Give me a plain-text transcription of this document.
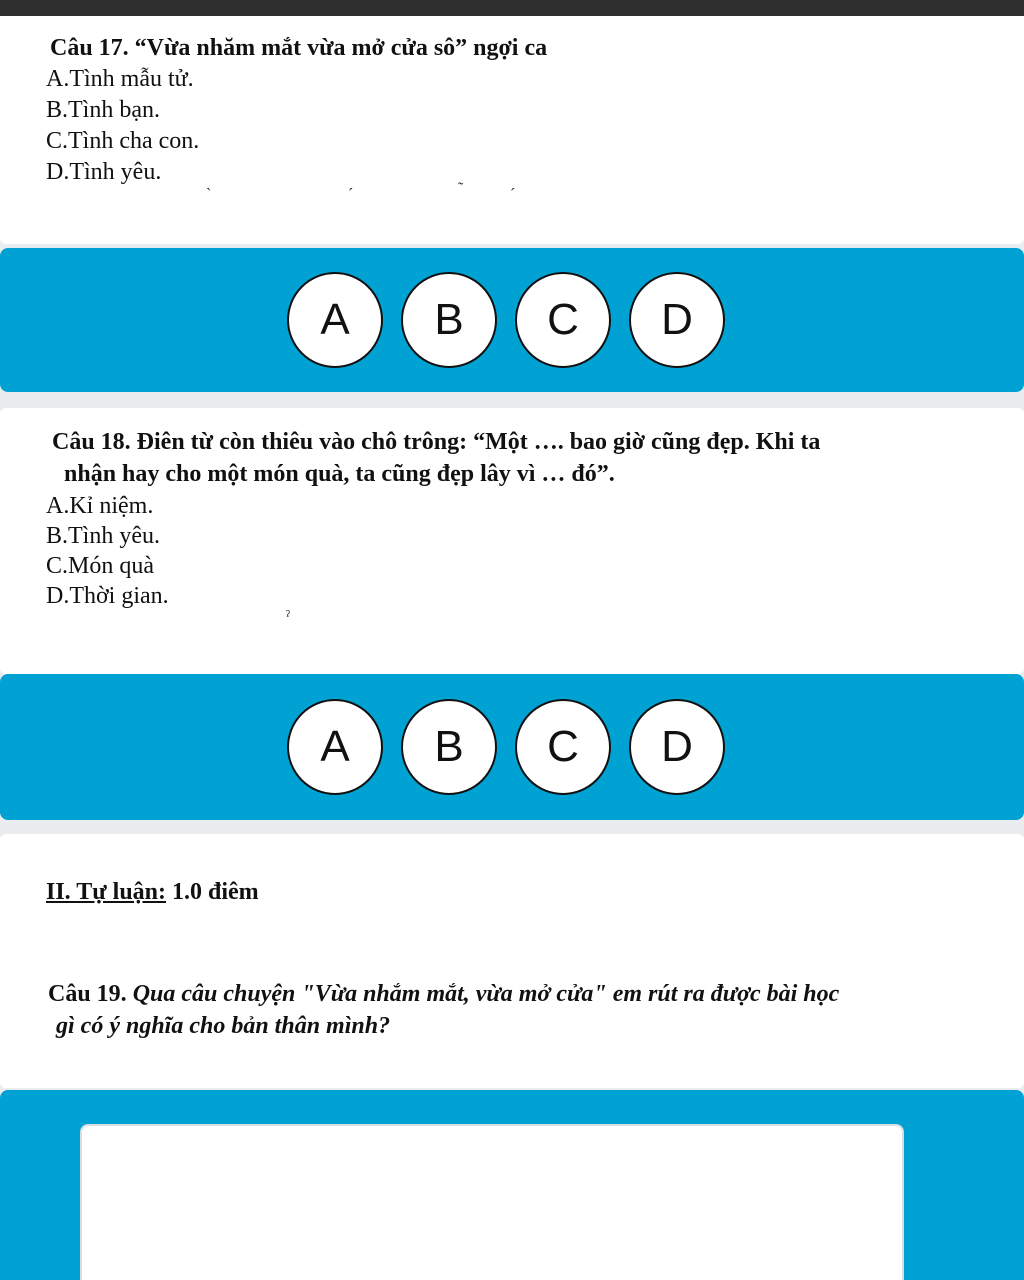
Câu 17. “Vừa nhăm mắt vừa mở cửa sô” ngợi ca
A.Tình mẫu tử.
B.Tình bạn.
C.Tình cha con.
D.Tình yêu.
ˋ	ˊ	˜	ˊ
A	B	C	D
Câu 18. Điên từ còn thiêu vào chô trông: “Một …. bao giờ cũng đẹp. Khi ta
nhận hay cho một món quà, ta cũng đẹp lây vì … đó”.
A.Kỉ niệm.
B.Tình yêu.
C.Món quà
D.Thời gian.
ˀ
A	B	C	D
II. Tự luận: 1.0 điêm
Câu 19. Qua câu chuyện "Vừa nhắm mắt, vừa mở cửa" em rút ra được bài học
gì có ý nghĩa cho bản thân mình?
